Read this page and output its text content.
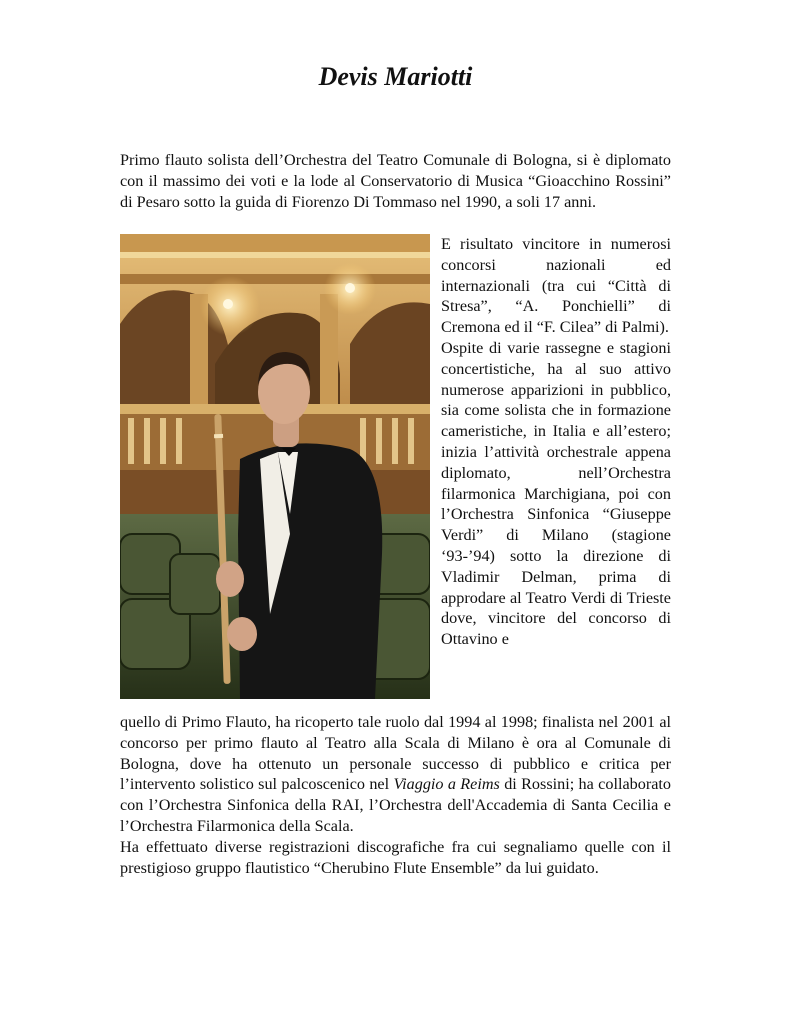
Devis Mariotti

Primo flauto solista dell’Orchestra del Teatro Comunale di Bologna, si è diplomato con il massimo dei voti e la lode al Conservatorio di Musica “Gioacchino Rossini” di Pesaro sotto la guida di Fiorenzo Di Tommaso nel 1990, a soli 17 anni.

E risultato vincitore in numerosi concorsi nazionali ed internazionali (tra cui “Città di Stresa”, “A. Ponchielli” di Cremona ed il “F. Cilea” di Palmi).

Ospite di varie rassegne e stagioni concertistiche, ha al suo attivo numerose apparizioni in pubblico, sia come solista che in formazione cameristiche, in Italia e all’estero; inizia l’attività orchestrale appena diplomato, nell’Orchestra filarmonica Marchigiana, poi con l’Orchestra Sinfonica “Giuseppe Verdi” di Milano (stagione ‘93-’94) sotto la direzione di Vladimir Delman, prima di approdare al Teatro Verdi di Trieste dove, vincitore del concorso di Ottavino e

quello di Primo Flauto, ha ricoperto tale ruolo dal 1994 al 1998; finalista nel 2001 al concorso per primo flauto al Teatro alla Scala di Milano è ora al Comunale di Bologna, dove ha ottenuto un personale successo di pubblico e critica per l’intervento solistico sul palcoscenico nel Viaggio a Reims di Rossini; ha collaborato con l’Orchestra Sinfonica della RAI, l’Orchestra dell'Accademia di Santa Cecilia e l’Orchestra Filarmonica della Scala.

Ha effettuato diverse registrazioni discografiche fra cui segnaliamo quelle con il prestigioso gruppo flautistico “Cherubino Flute Ensemble” da lui guidato.
